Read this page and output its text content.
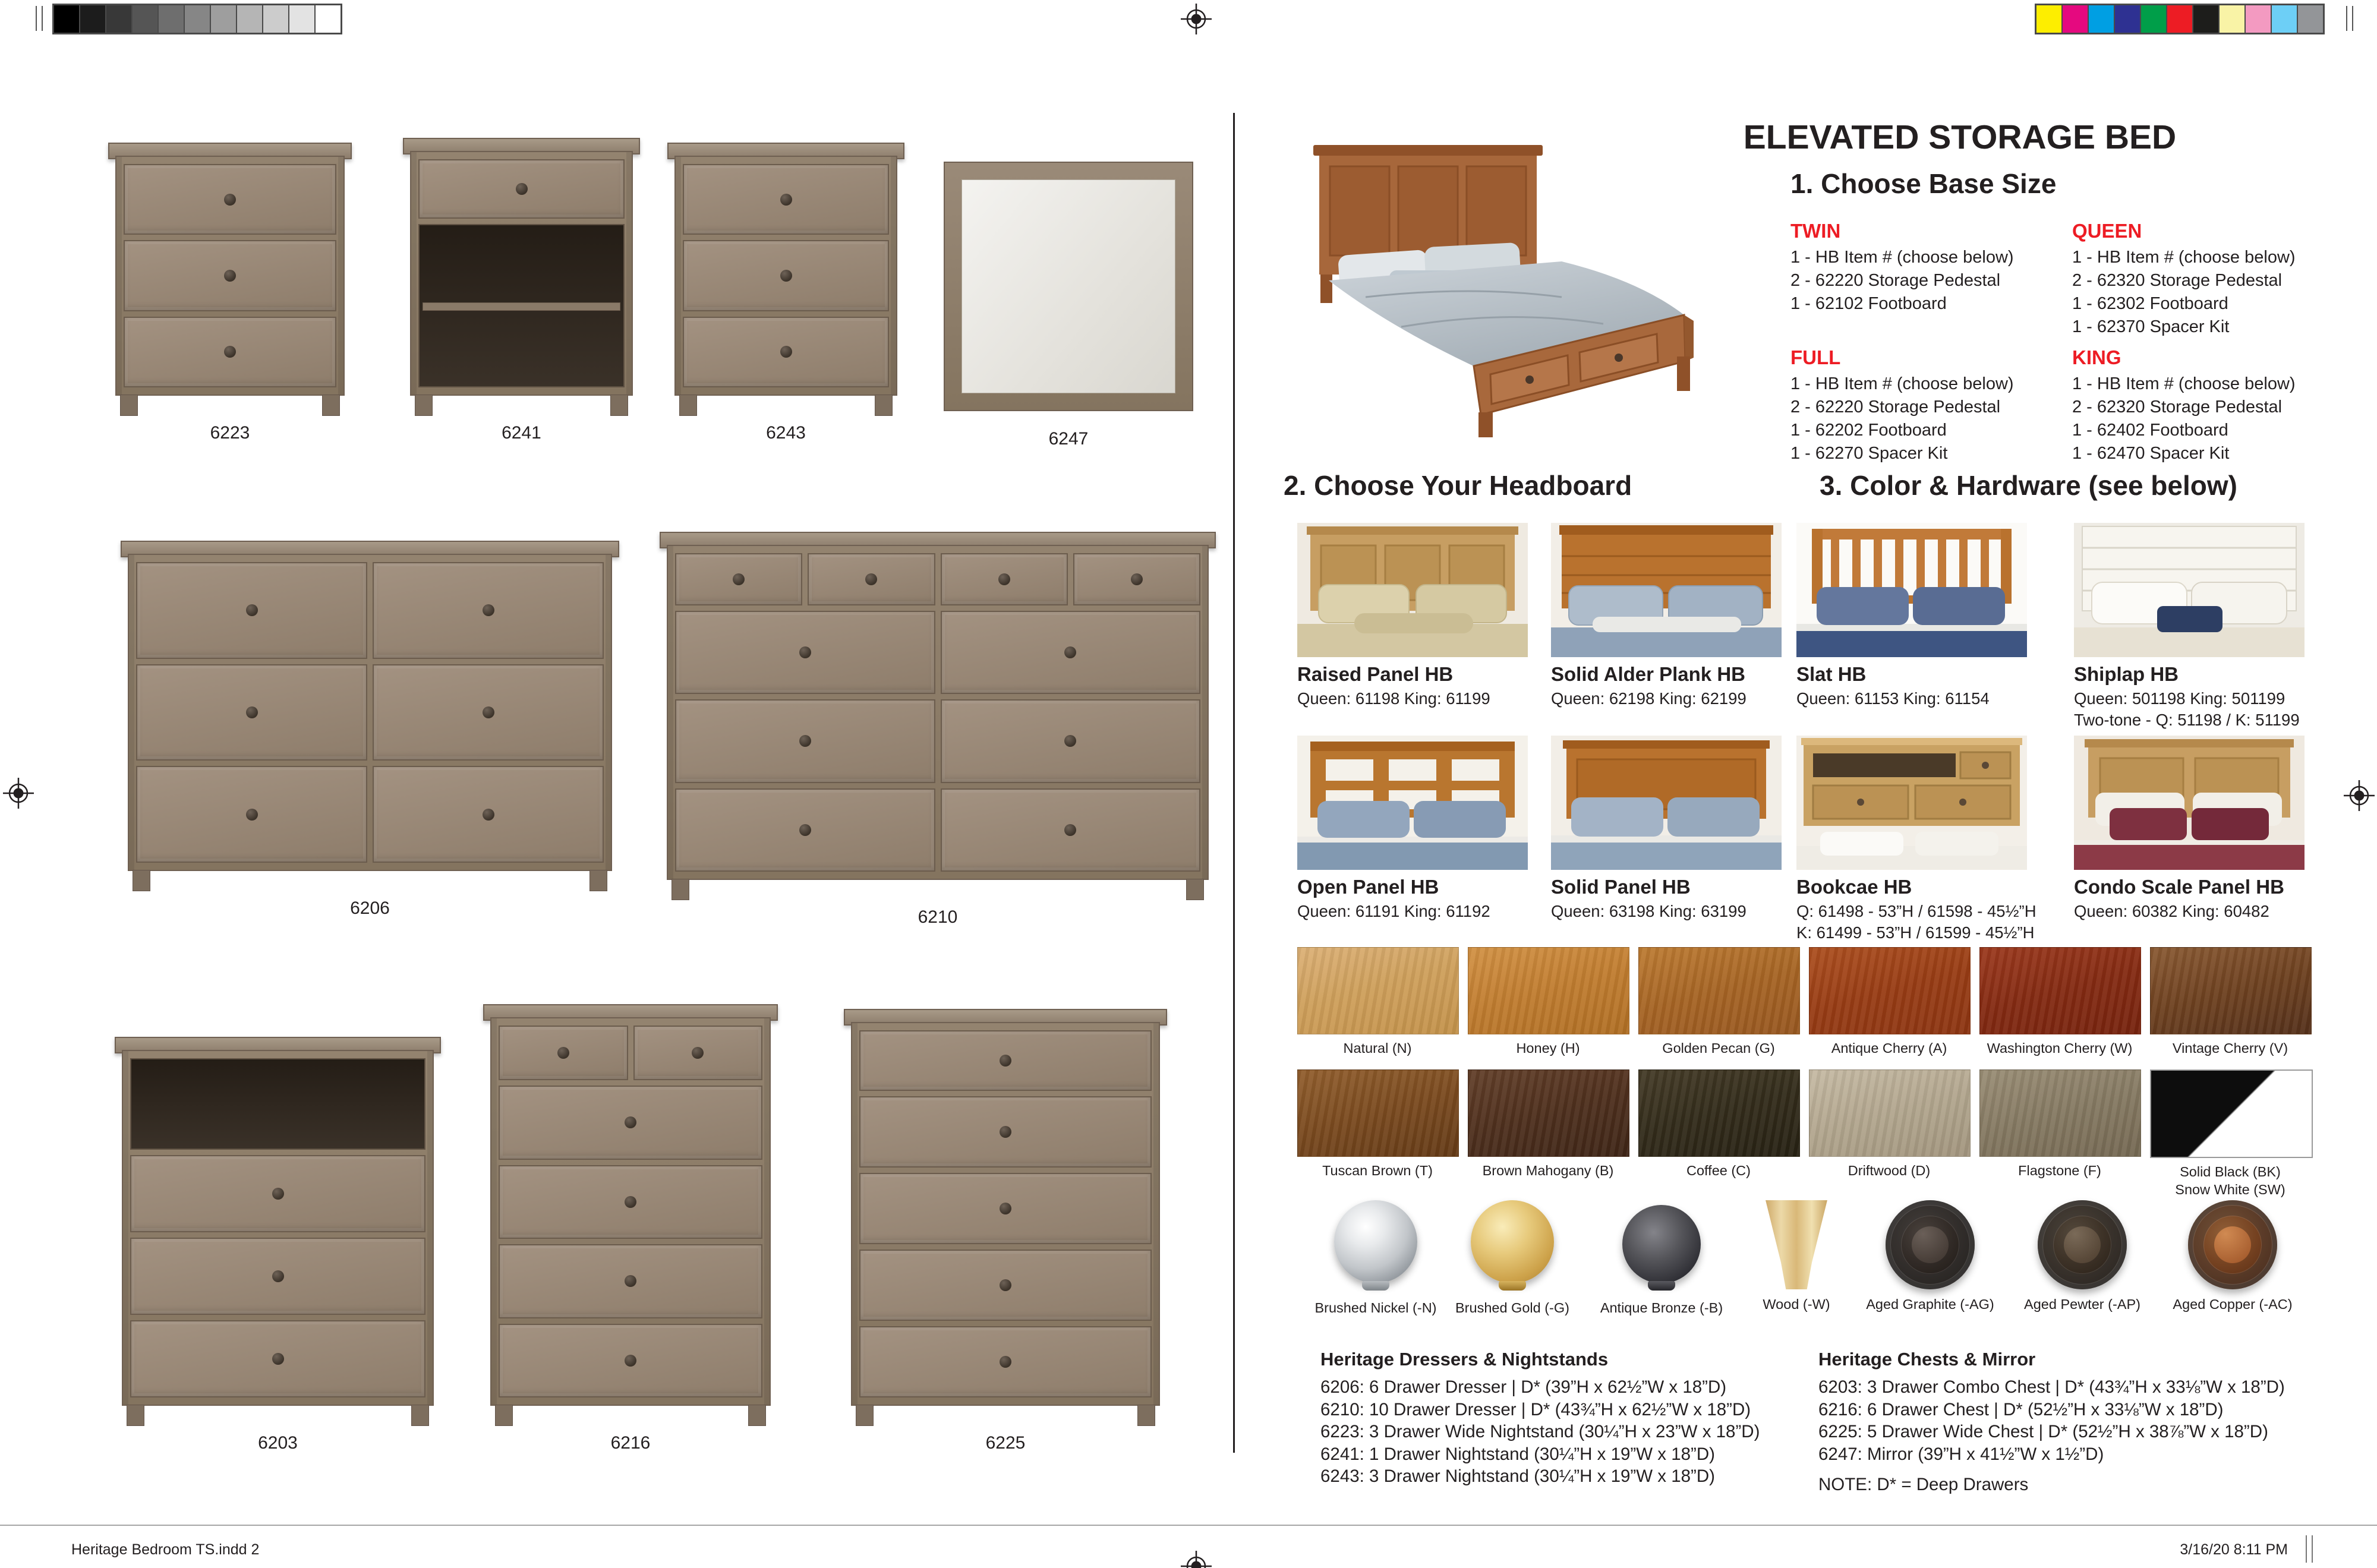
6223	6241	6243	6247
6206	6210
6203	6216	6225
ELEVATED STORAGE BED
1. Choose Base Size
TWIN
1 - HB Item # (choose below)
2 - 62220 Storage Pedestal
1 - 62102 Footboard
QUEEN
1 - HB Item # (choose below)
2 - 62320 Storage Pedestal
1 - 62302 Footboard
1 - 62370 Spacer Kit
FULL
1 - HB Item # (choose below)
2 - 62220 Storage Pedestal
1 - 62202 Footboard
1 - 62270 Spacer Kit
KING
1 - HB Item # (choose below)
2 - 62320 Storage Pedestal
1 - 62402 Footboard
1 - 62470 Spacer Kit
2. Choose Your Headboard	3. Color & Hardware (see below)
Raised Panel HB
Queen: 61198 King: 61199
Solid Alder Plank HB
Queen: 62198 King: 62199
Slat HB
Queen: 61153 King: 61154
Shiplap HB
Queen: 501198 King: 501199
Two-tone - Q: 51198 / K: 51199
Open Panel HB
Queen: 61191 King: 61192
Solid Panel HB
Queen: 63198 King: 63199
Bookcae HB
Q: 61498 - 53”H / 61598 - 45½”H
K: 61499 - 53”H / 61599 - 45½”H
Condo Scale Panel HB
Queen: 60382 King: 60482
Natural (N)	Honey (H)	Golden Pecan (G)	Antique Cherry (A)	Washington Cherry (W)	Vintage Cherry (V)
Tuscan Brown (T)	Brown Mahogany (B)	Coffee (C)	Driftwood (D)	Flagstone (F)	Solid Black (BK)
Snow White (SW)
Brushed Nickel (-N)	Brushed Gold (-G)	Antique Bronze (-B)	Wood (-W)	Aged Graphite (-AG)	Aged Pewter (-AP)	Aged Copper (-AC)
Heritage Dressers & Nightstands
6206: 6 Drawer Dresser | D* (39”H x 62½”W x 18”D)
6210: 10 Drawer Dresser | D* (43¾”H x 62½”W x 18”D)
6223: 3 Drawer Wide Nightstand (30¼”H x 23”W x 18”D)
6241: 1 Drawer Nightstand (30¼”H x 19”W x 18”D)
6243: 3 Drawer Nightstand (30¼”H x 19”W x 18”D)
Heritage Chests & Mirror
6203: 3 Drawer Combo Chest | D* (43¾”H x 33⅛”W x 18”D)
6216: 6 Drawer Chest | D* (52½”H x 33⅛”W x 18”D)
6225: 5 Drawer Wide Chest | D* (52½”H x 38⅞”W x 18”D)
6247: Mirror (39”H x 41½”W x 1½”D)
NOTE: D* = Deep Drawers
Heritage Bedroom TS.indd 2	3/16/20 8:11 PM
